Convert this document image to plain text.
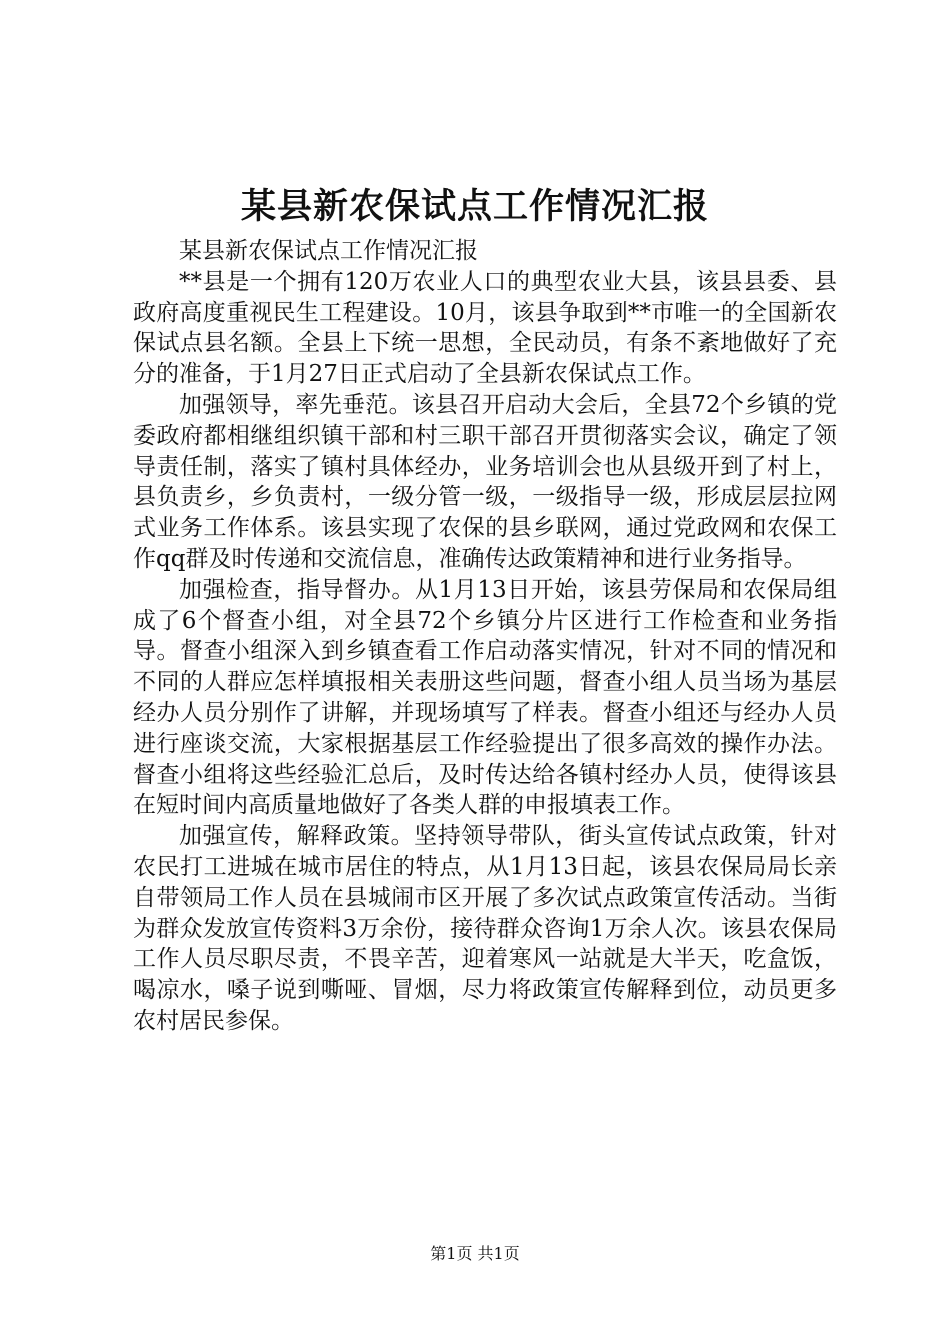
某县新农保试点工作情况汇报

某县新农保试点工作情况汇报

**县是一个拥有120万农业人口的典型农业大县，该县县委、县政府高度重视民生工程建设。10月，该县争取到**市唯一的全国新农保试点县名额。全县上下统一思想，全民动员，有条不紊地做好了充分的准备，于1月27日正式启动了全县新农保试点工作。

加强领导，率先垂范。该县召开启动大会后，全县72个乡镇的党委政府都相继组织镇干部和村三职干部召开贯彻落实会议，确定了领导责任制，落实了镇村具体经办，业务培训会也从县级开到了村上，县负责乡，乡负责村，一级分管一级，一级指导一级，形成层层拉网式业务工作体系。该县实现了农保的县乡联网，通过党政网和农保工作qq群及时传递和交流信息，准确传达政策精神和进行业务指导。

加强检查，指导督办。从1月13日开始，该县劳保局和农保局组成了6个督查小组，对全县72个乡镇分片区进行工作检查和业务指导。督查小组深入到乡镇查看工作启动落实情况，针对不同的情况和不同的人群应怎样填报相关表册这些问题，督查小组人员当场为基层经办人员分别作了讲解，并现场填写了样表。督查小组还与经办人员进行座谈交流，大家根据基层工作经验提出了很多高效的操作办法。督查小组将这些经验汇总后，及时传达给各镇村经办人员，使得该县在短时间内高质量地做好了各类人群的申报填表工作。

加强宣传，解释政策。坚持领导带队，街头宣传试点政策，针对农民打工进城在城市居住的特点，从1月13日起，该县农保局局长亲自带领局工作人员在县城闹市区开展了多次试点政策宣传活动。当街为群众发放宣传资料3万余份，接待群众咨询1万余人次。该县农保局工作人员尽职尽责，不畏辛苦，迎着寒风一站就是大半天，吃盒饭，喝凉水，嗓子说到嘶哑、冒烟，尽力将政策宣传解释到位，动员更多农村居民参保。

第1页 共1页
